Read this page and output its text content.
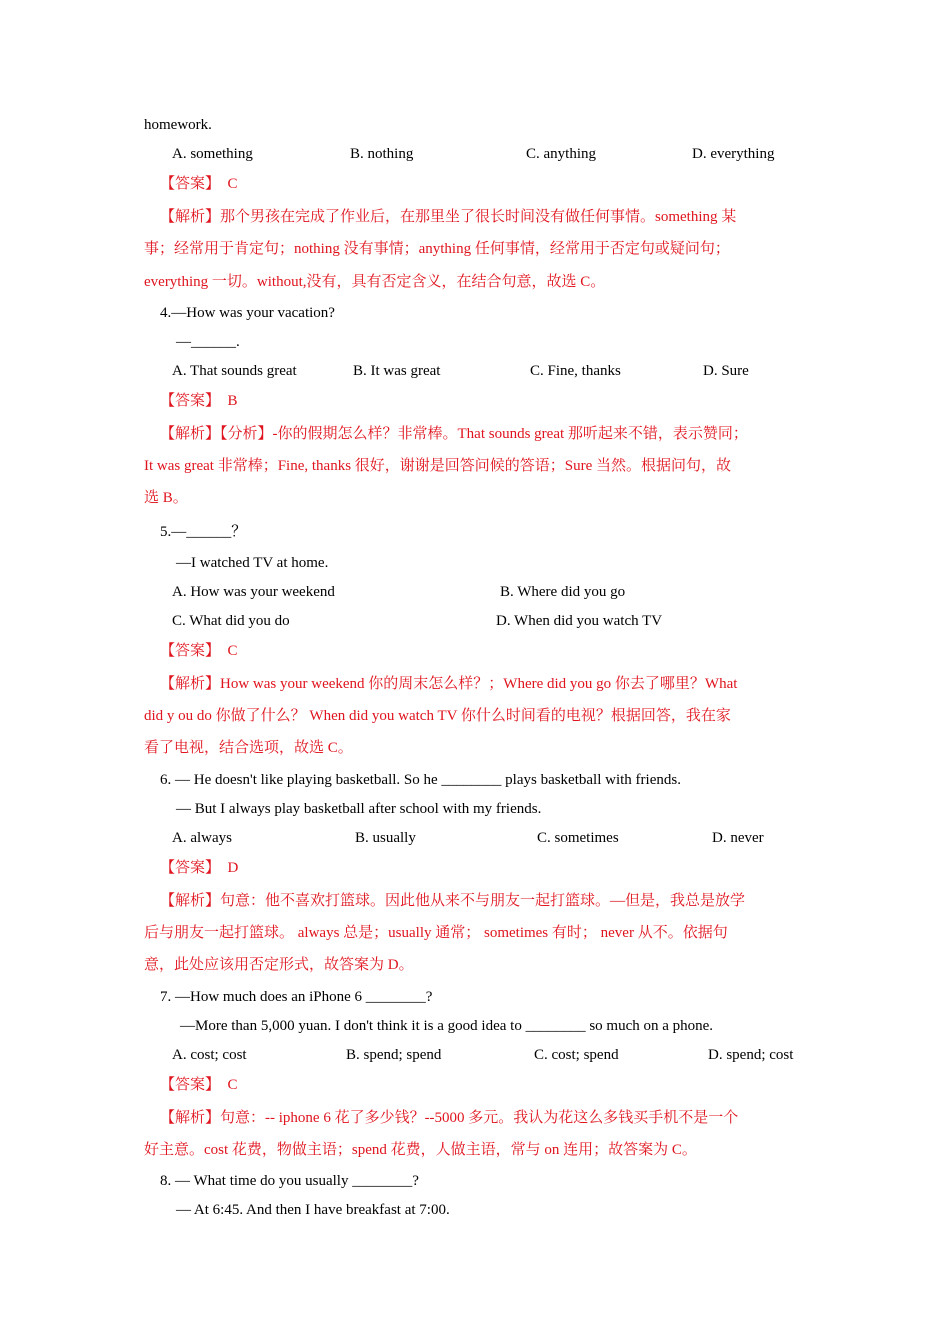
homework.
A. something	B. nothing	C. anything	D. everything
【答案】 C
【解析】那个男孩在完成了作业后，在那里坐了很长时间没有做任何事情。something 某
事；经常用于肯定句；nothing 没有事情；anything 任何事情，经常用于否定句或疑问句；
everything 一切。without,没有，具有否定含义，在结合句意，故选 C。
4.—How was your vacation?
—______.
A. That sounds great	B. It was great	C. Fine, thanks	D. Sure
【答案】 B
【解析】【分析】-你的假期怎么样？非常棒。That sounds great 那听起来不错，表示赞同；
It was great 非常棒；Fine, thanks 很好，谢谢是回答问候的答语；Sure 当然。根据问句，故
选 B。
5.—______？
—I watched TV at home.
A. How was your weekend	B. Where did you go
C. What did you do	D. When did you watch TV
【答案】 C
【解析】How was your weekend 你的周末怎么样？；Where did you go 你去了哪里？What
did y ou do 你做了什么？ When did you watch TV 你什么时间看的电视？根据回答，我在家
看了电视，结合选项，故选 C。
6. — He doesn't like playing basketball. So he ________ plays basketball with friends.
— But I always play basketball after school with my friends.
A. always	B. usually	C. sometimes	D. never
【答案】 D
【解析】句意：他不喜欢打篮球。因此他从来不与朋友一起打篮球。—但是，我总是放学
后与朋友一起打篮球。 always 总是；usually 通常； sometimes 有时； never 从不。依据句
意，此处应该用否定形式，故答案为 D。
7. —How much does an iPhone 6 ________?
—More than 5,000 yuan. I don't think it is a good idea to ________ so much on a phone.
A. cost; cost	B. spend; spend	C. cost; spend	D. spend; cost
【答案】 C
【解析】句意：-- iphone 6 花了多少钱？--5000 多元。我认为花这么多钱买手机不是一个
好主意。cost 花费，物做主语；spend 花费，人做主语，常与 on 连用；故答案为 C。
8. — What time do you usually ________?
— At 6:45. And then I have breakfast at 7:00.
